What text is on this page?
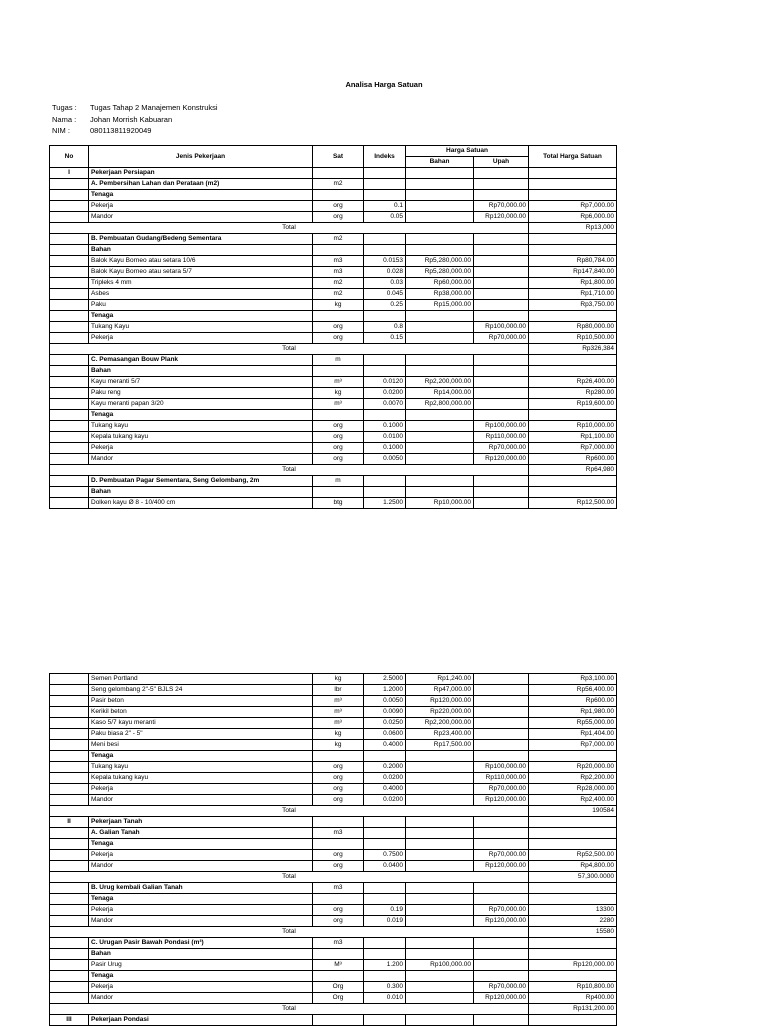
Analisa Harga Satuan
Tugas : Tugas Tahap 2 Manajemen Konstruksi
Nama : Johan Morrish Kabuaran
NIM :	080113811920049
No	Jenis Pekerjaan	Sat	Indeks	Harga Satuan		Total Harga Satuan
				Bahan	Upah	
I	Pekerjaan Persiapan					
	A. Pembersihan Lahan dan Perataan (m2)	m2				
	Tenaga					
	Pekerja	org	0.1		Rp70,000.00	Rp7,000.00
	Mandor	org	0.05		Rp120,000.00	Rp6,000.00
Total						Rp13,000
	B. Pembuatan Gudang/Bedeng Sementara	m2				
	Bahan					
	Balok Kayu Borneo atau setara 10/6	m3	0.0153	Rp5,280,000.00		Rp80,784.00
	Balok Kayu Borneo atau setara 5/7	m3	0.028	Rp5,280,000.00		Rp147,840.00
	Tripleks 4 mm	m2	0.03	Rp60,000.00		Rp1,800.00
	Asbes	m2	0.045	Rp38,000.00		Rp1,710.00
	Paku	kg	0.25	Rp15,000.00		Rp3,750.00
	Tenaga					
	Tukang Kayu	org	0.8		Rp100,000.00	Rp80,000.00
	Pekerja	org	0.15		Rp70,000.00	Rp10,500.00
Total						Rp326,384
	C. Pemasangan Bouw Plank	m				
	Bahan					
	Kayu meranti 5/7	m³	0.0120	Rp2,200,000.00		Rp26,400.00
	Paku reng	kg	0.0200	Rp14,000.00		Rp280.00
	Kayu meranti papan 3/20	m³	0.0070	Rp2,800,000.00		Rp19,600.00
	Tenaga					
	Tukang kayu	org	0.1000		Rp100,000.00	Rp10,000.00
	Kepala tukang kayu	org	0.0100		Rp110,000.00	Rp1,100.00
	Pekerja	org	0.1000		Rp70,000.00	Rp7,000.00
	Mandor	org	0.0050		Rp120,000.00	Rp600.00
Total						Rp64,980
	D. Pembuatan Pagar Sementara, Seng Gelombang, 2m	m				
	Bahan					
	Dolken kayu Ø 8 - 10/400 cm	btg	1.2500	Rp10,000.00		Rp12,500.00
	Semen Portland	kg	2.5000	Rp1,240.00		Rp3,100.00
	Seng gelombang 2"-5" BJLS 24	lbr	1.2000	Rp47,000.00		Rp56,400.00
	Pasir beton	m³	0.0050	Rp120,000.00		Rp600.00
	Kerikil beton	m³	0.0090	Rp220,000.00		Rp1,980.00
	Kaso 5/7 kayu meranti	m³	0.0250	Rp2,200,000.00		Rp55,000.00
	Paku biasa 2" - 5"	kg	0.0600	Rp23,400.00		Rp1,404.00
	Meni besi	kg	0.4000	Rp17,500.00		Rp7,000.00
	Tenaga					
	Tukang kayu	org	0.2000		Rp100,000.00	Rp20,000.00
	Kepala tukang kayu	org	0.0200		Rp110,000.00	Rp2,200.00
	Pekerja	org	0.4000		Rp70,000.00	Rp28,000.00
	Mandor	org	0.0200		Rp120,000.00	Rp2,400.00
Total						190584
II	Pekerjaan Tanah					
	A. Galian Tanah	m3				
	Tenaga					
	Pekerja	org	0.7500		Rp70,000.00	Rp52,500.00
	Mandor	org	0.0400		Rp120,000.00	Rp4,800.00
Total						57,300.0000
	B. Urug kembali Galian Tanah	m3				
	Tenaga					
	Pekerja	org	0.19		Rp70,000.00	13300
	Mandor	org	0.019		Rp120,000.00	2280
Total						15580
	C. Urugan Pasir Bawah Pondasi (m³)	m3				
	Bahan					
	Pasir Urug	M³	1.200	Rp100,000.00		Rp120,000.00
	Tenaga					
	Pekerja	Org	0.300		Rp70,000.00	Rp10,800.00
	Mandor	Org	0.010		Rp120,000.00	Rp400.00
Total						Rp131,200.00
III	Pekerjaan Pondasi					
